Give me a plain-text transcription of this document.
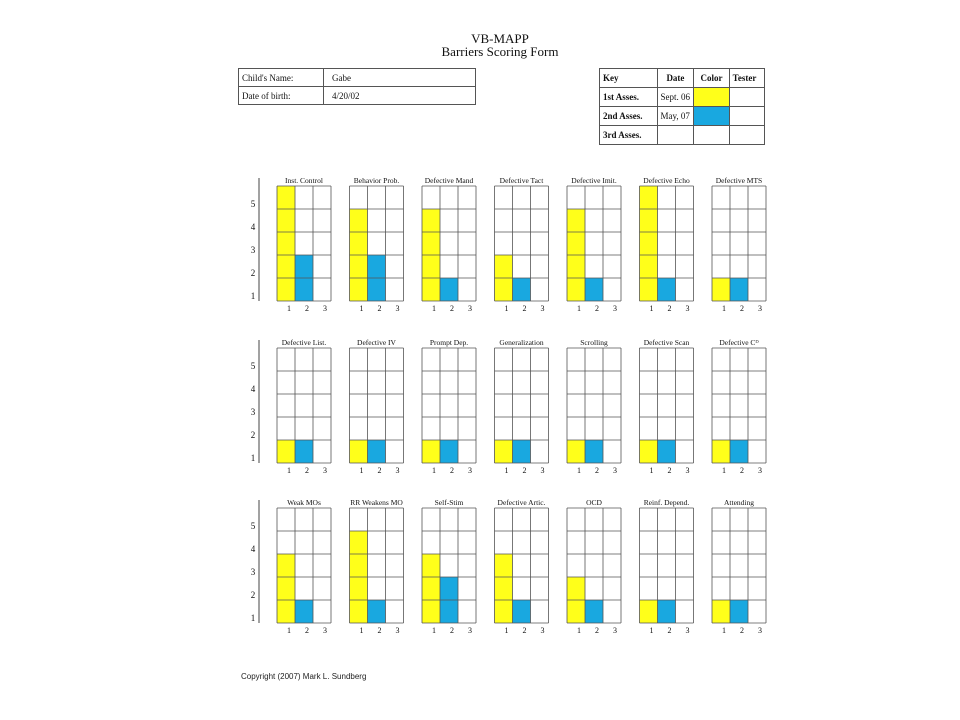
VB-MAPP
Barriers Scoring Form
Child's Name:	Gabe
Date of birth:	4/20/02
Key	Date	Color	Tester
1st Asses.	Sept. 06		
2nd Asses.	May, 07		
3rd Asses.			
1
2
3
4
5
Inst. Control
1 2 3
Behavior Prob.
1 2 3
Defective Mand
1 2 3
Defective Tact
1 2 3
Defective Imit.
1 2 3
Defective Echo
1 2 3
Defective MTS
1 2 3
1
2
3
4
5
Defective List.
1 2 3
Defective IV
1 2 3
Prompt Dep.
1 2 3
Generalization
1 2 3
Scrolling
1 2 3
Defective Scan
1 2 3
Defective Cᴰ
1 2 3
1
2
3
4
5
Weak MOs
1 2 3
RR Weakens MO
1 2 3
Self-Stim
1 2 3
Defective Artic.
1 2 3
OCD
1 2 3
Reinf. Depend.
1 2 3
Attending
1 2 3
Copyright (2007) Mark L. Sundberg
